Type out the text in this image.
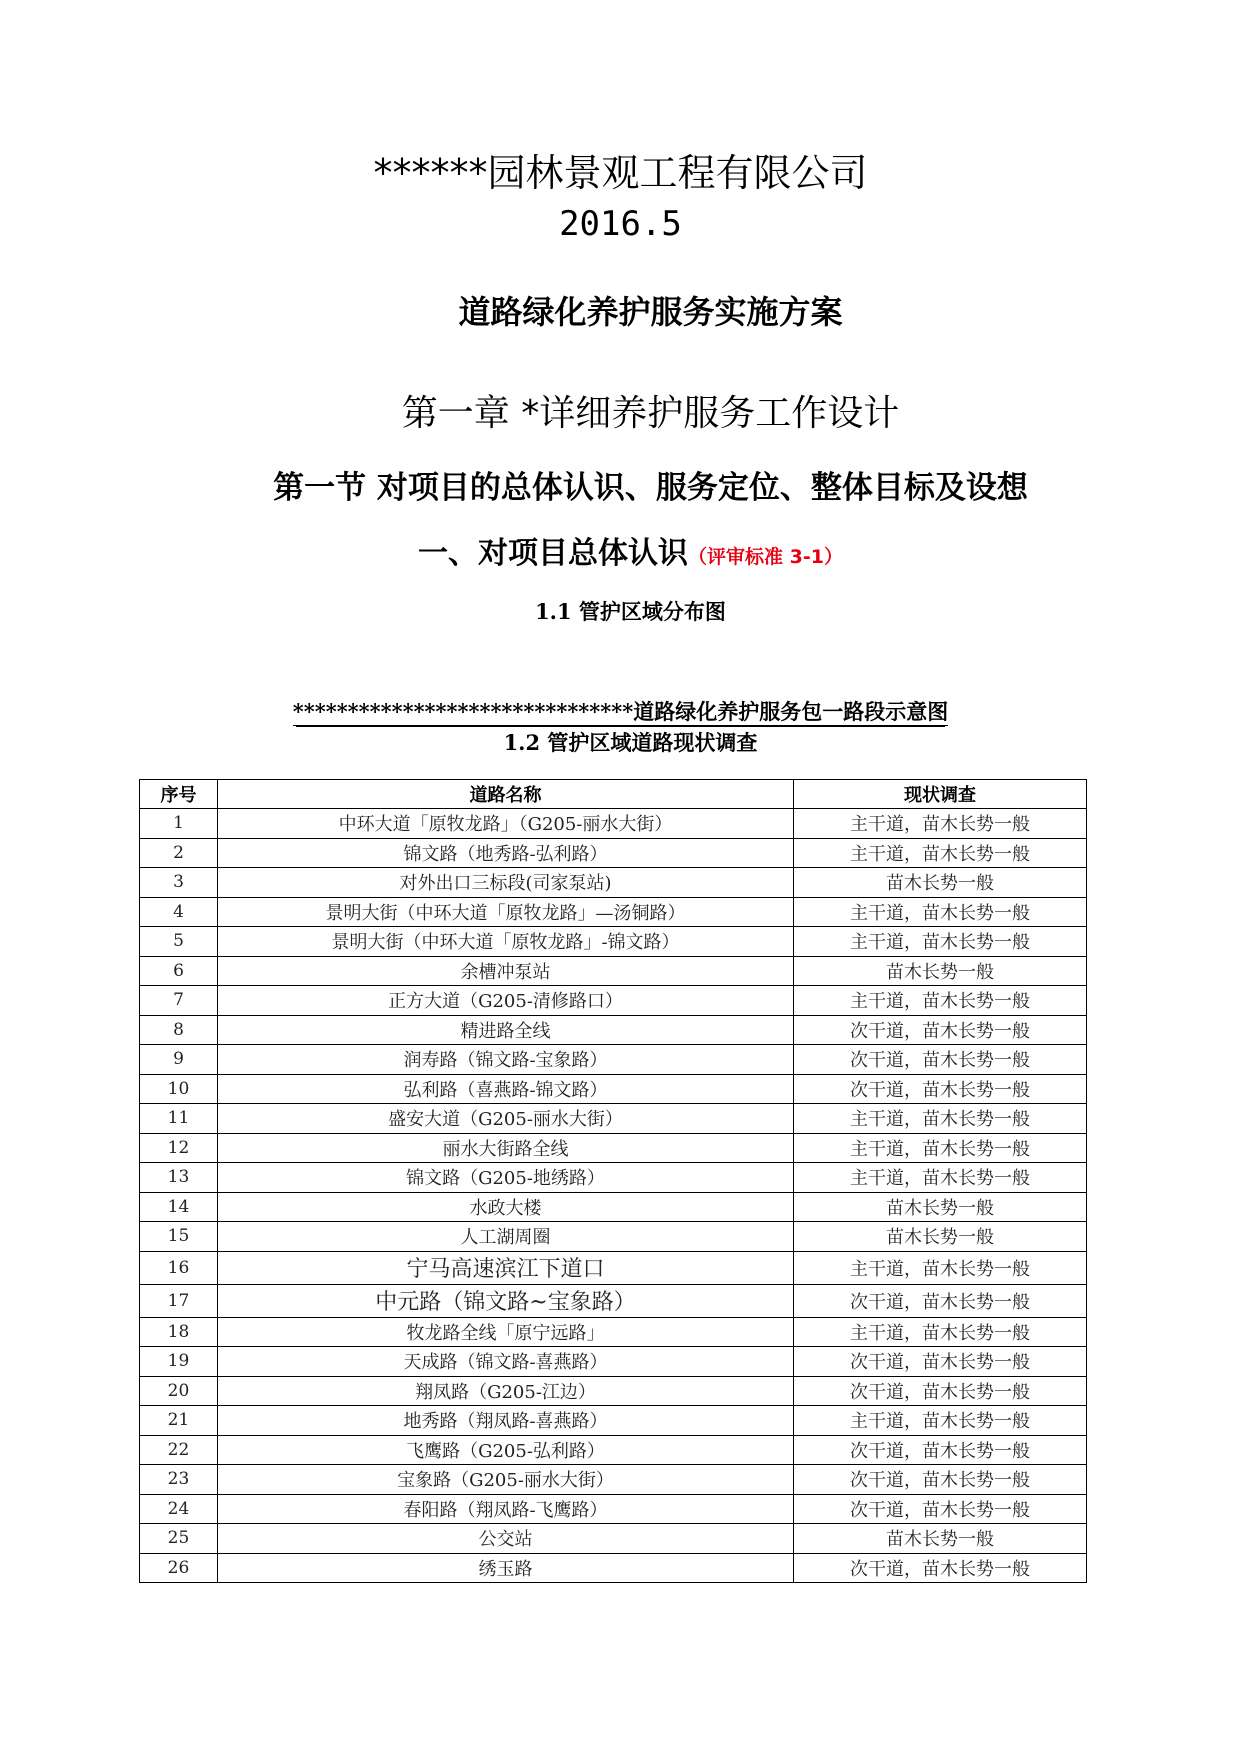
******园林景观工程有限公司
2016.5
道路绿化养护服务实施方案
第一章 *详细养护服务工作设计
第一节 对项目的总体认识、服务定位、整体目标及设想
一、对项目总体认识（评审标准 3-1）
1.1 管护区域分布图
*******************************道路绿化养护服务包一路段示意图
1.2 管护区域道路现状调查
序号	道路名称	现状调查
1	中环大道「原牧龙路」（G205-丽水大街）	主干道，苗木长势一般
2	锦文路（地秀路-弘利路）	主干道，苗木长势一般
3	对外出口三标段(司家泵站)	苗木长势一般
4	景明大街（中环大道「原牧龙路」—汤铜路）	主干道，苗木长势一般
5	景明大街（中环大道「原牧龙路」-锦文路）	主干道，苗木长势一般
6	余槽冲泵站	苗木长势一般
7	正方大道（G205-清修路口）	主干道，苗木长势一般
8	精进路全线	次干道，苗木长势一般
9	润寿路（锦文路-宝象路）	次干道，苗木长势一般
10	弘利路（喜燕路-锦文路）	次干道，苗木长势一般
11	盛安大道（G205-丽水大街）	主干道，苗木长势一般
12	丽水大街路全线	主干道，苗木长势一般
13	锦文路（G205-地绣路）	主干道，苗木长势一般
14	水政大楼	苗木长势一般
15	人工湖周圈	苗木长势一般
16	宁马高速滨江下道口	主干道，苗木长势一般
17	中元路（锦文路~宝象路）	次干道，苗木长势一般
18	牧龙路全线「原宁远路」	主干道，苗木长势一般
19	天成路（锦文路-喜燕路）	次干道，苗木长势一般
20	翔凤路（G205-江边）	次干道，苗木长势一般
21	地秀路（翔凤路-喜燕路）	主干道，苗木长势一般
22	飞鹰路（G205-弘利路）	次干道，苗木长势一般
23	宝象路（G205-丽水大街）	次干道，苗木长势一般
24	春阳路（翔凤路-飞鹰路）	次干道，苗木长势一般
25	公交站	苗木长势一般
26	绣玉路	次干道，苗木长势一般
